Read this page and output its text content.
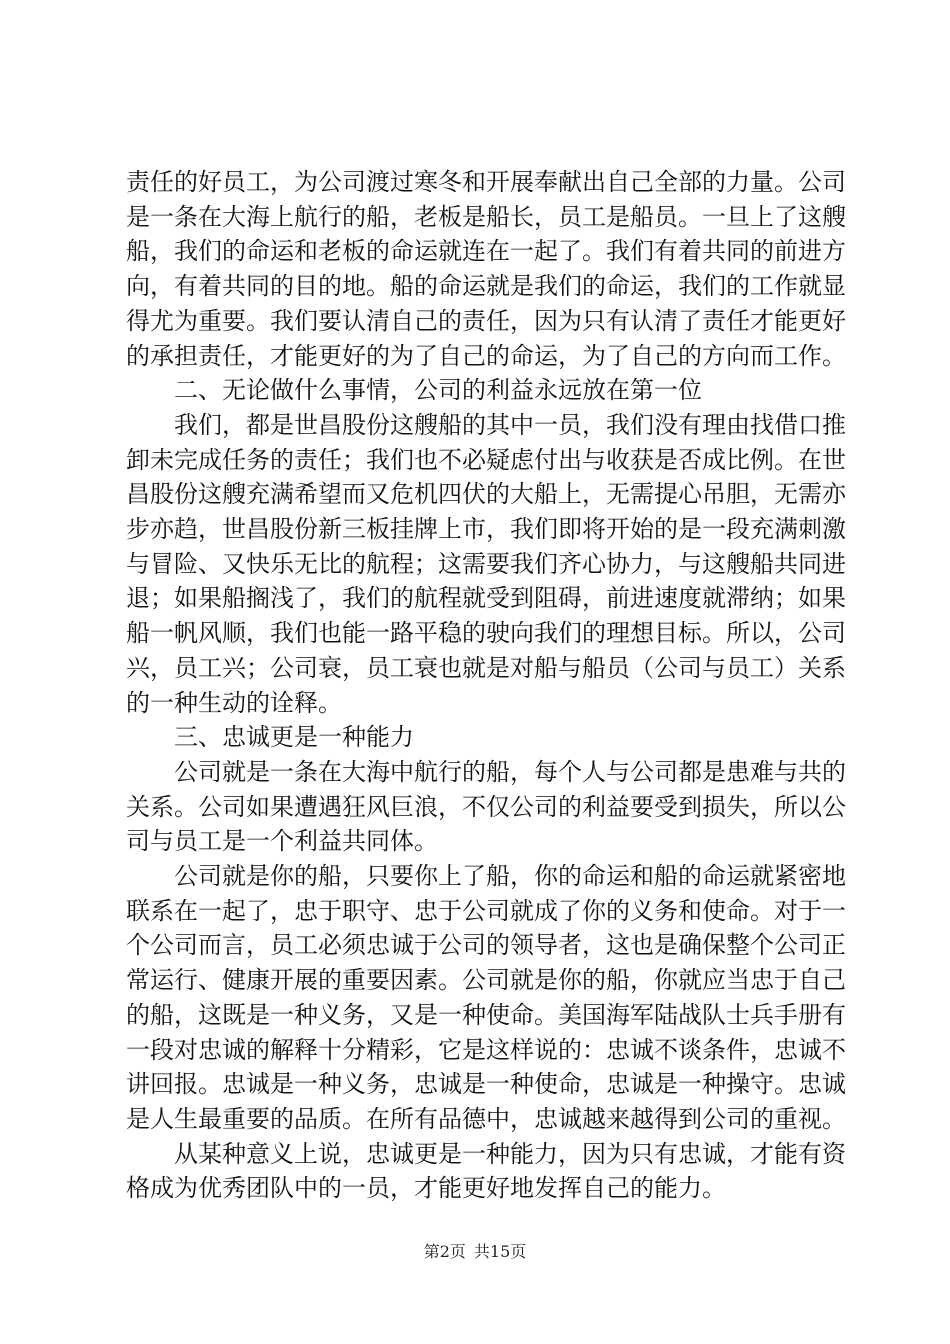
责任的好员工，为公司渡过寒冬和开展奉献出自己全部的力量。公司是一条在大海上航行的船，老板是船长，员工是船员。一旦上了这艘船，我们的命运和老板的命运就连在一起了。我们有着共同的前进方向，有着共同的目的地。船的命运就是我们的命运，我们的工作就显得尤为重要。我们要认清自己的责任，因为只有认清了责任才能更好的承担责任，才能更好的为了自己的命运，为了自己的方向而工作。

二、无论做什么事情，公司的利益永远放在第一位

我们，都是世昌股份这艘船的其中一员，我们没有理由找借口推卸未完成任务的责任；我们也不必疑虑付出与收获是否成比例。在世昌股份这艘充满希望而又危机四伏的大船上，无需提心吊胆，无需亦步亦趋，世昌股份新三板挂牌上市，我们即将开始的是一段充满刺激与冒险、又快乐无比的航程；这需要我们齐心协力，与这艘船共同进退；如果船搁浅了，我们的航程就受到阻碍，前进速度就滞纳；如果船一帆风顺，我们也能一路平稳的驶向我们的理想目标。所以，公司兴，员工兴；公司衰，员工衰也就是对船与船员（公司与员工）关系的一种生动的诠释。

三、忠诚更是一种能力

公司就是一条在大海中航行的船，每个人与公司都是患难与共的关系。公司如果遭遇狂风巨浪，不仅公司的利益要受到损失，所以公司与员工是一个利益共同体。

公司就是你的船，只要你上了船，你的命运和船的命运就紧密地联系在一起了，忠于职守、忠于公司就成了你的义务和使命。对于一个公司而言，员工必须忠诚于公司的领导者，这也是确保整个公司正常运行、健康开展的重要因素。公司就是你的船，你就应当忠于自己的船，这既是一种义务，又是一种使命。美国海军陆战队士兵手册有一段对忠诚的解释十分精彩，它是这样说的：忠诚不谈条件，忠诚不讲回报。忠诚是一种义务，忠诚是一种使命，忠诚是一种操守。忠诚是人生最重要的品质。在所有品德中，忠诚越来越得到公司的重视。

从某种意义上说，忠诚更是一种能力，因为只有忠诚，才能有资格成为优秀团队中的一员，才能更好地发挥自己的能力。

第2页 共15页
